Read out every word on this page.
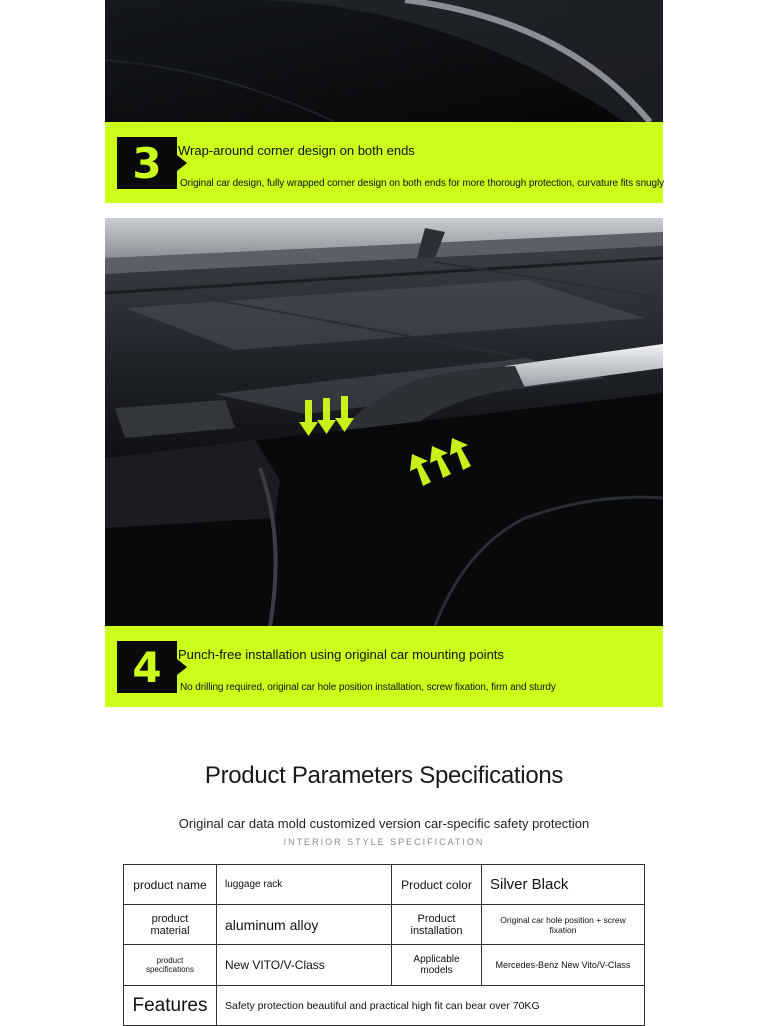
3	Wrap-around corner design on both ends
Original car design, fully wrapped corner design on both ends for more thorough protection, curvature fits snugly
4	Punch-free installation using original car mounting points
No drilling required, original car hole position installation, screw fixation, firm and sturdy
Product Parameters Specifications
Original car data mold customized version car-specific safety protection
INTERIOR STYLE SPECIFICATION
product name	luggage rack	Product color	Silver Black
product material	aluminum alloy	Product installation	Original car hole position + screw fixation
product specifications	New VITO/V-Class	Applicable models	Mercedes-Benz New Vito/V-Class
Features	Safety protection beautiful and practical high fit can bear over 70KG		
